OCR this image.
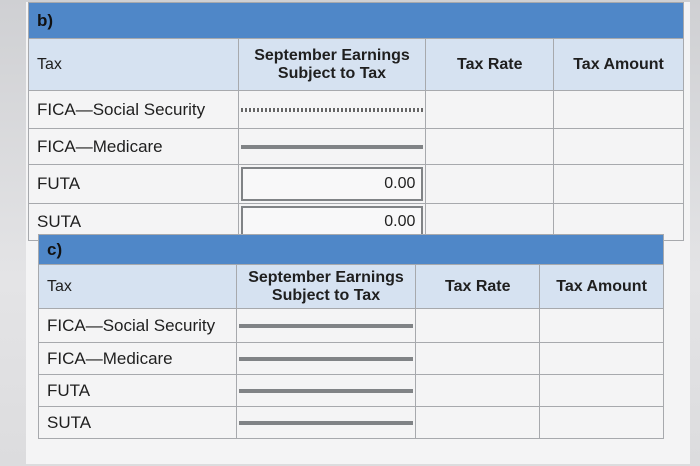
b)			
Tax	September Earnings Subject to Tax	Tax Rate	Tax Amount
FICA—Social Security	

FICA—Medicare	

FUTA	0.00		

SUTA	0.00		

c)			
Tax	September Earnings Subject to Tax	Tax Rate	Tax Amount
FICA—Social Security	

FICA—Medicare	

FUTA	

SUTA	
